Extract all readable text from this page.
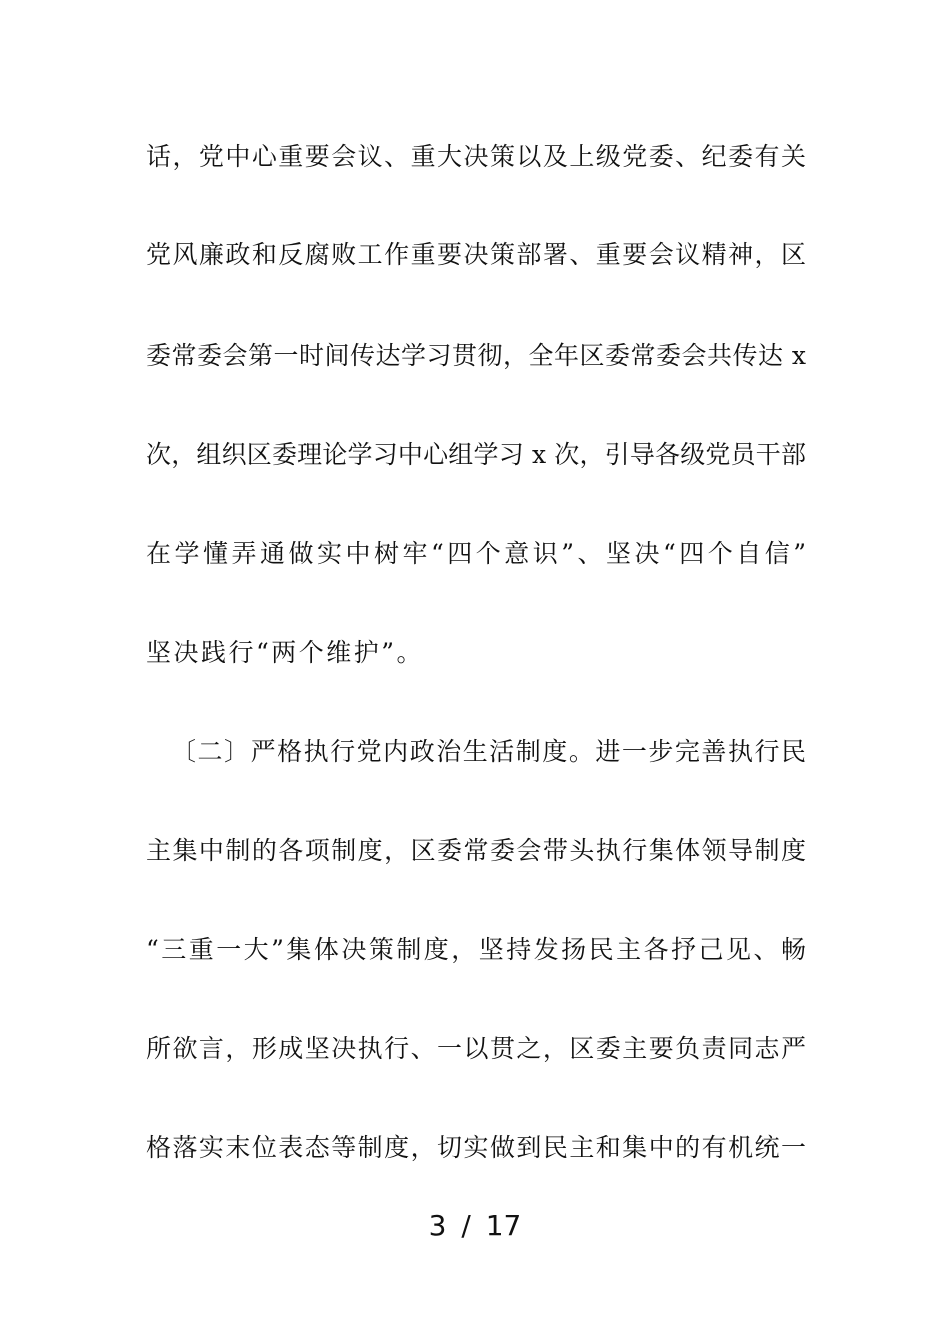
话，党中心重要会议、重大决策以及上级党委、纪委有关
党风廉政和反腐败工作重要决策部署、重要会议精神，区
委常委会第一时间传达学习贯彻，全年区委常委会共传达 x
次，组织区委理论学习中心组学习 x 次，引导各级党员干部
在学懂弄通做实中树牢“四个意识”、坚决“四个自信”
坚决践行“两个维护”。
〔二〕严格执行党内政治生活制度。进一步完善执行民
主集中制的各项制度，区委常委会带头执行集体领导制度
“三重一大”集体决策制度，坚持发扬民主各抒己见、畅
所欲言，形成坚决执行、一以贯之，区委主要负责同志严
格落实末位表态等制度，切实做到民主和集中的有机统一
3 / 17
